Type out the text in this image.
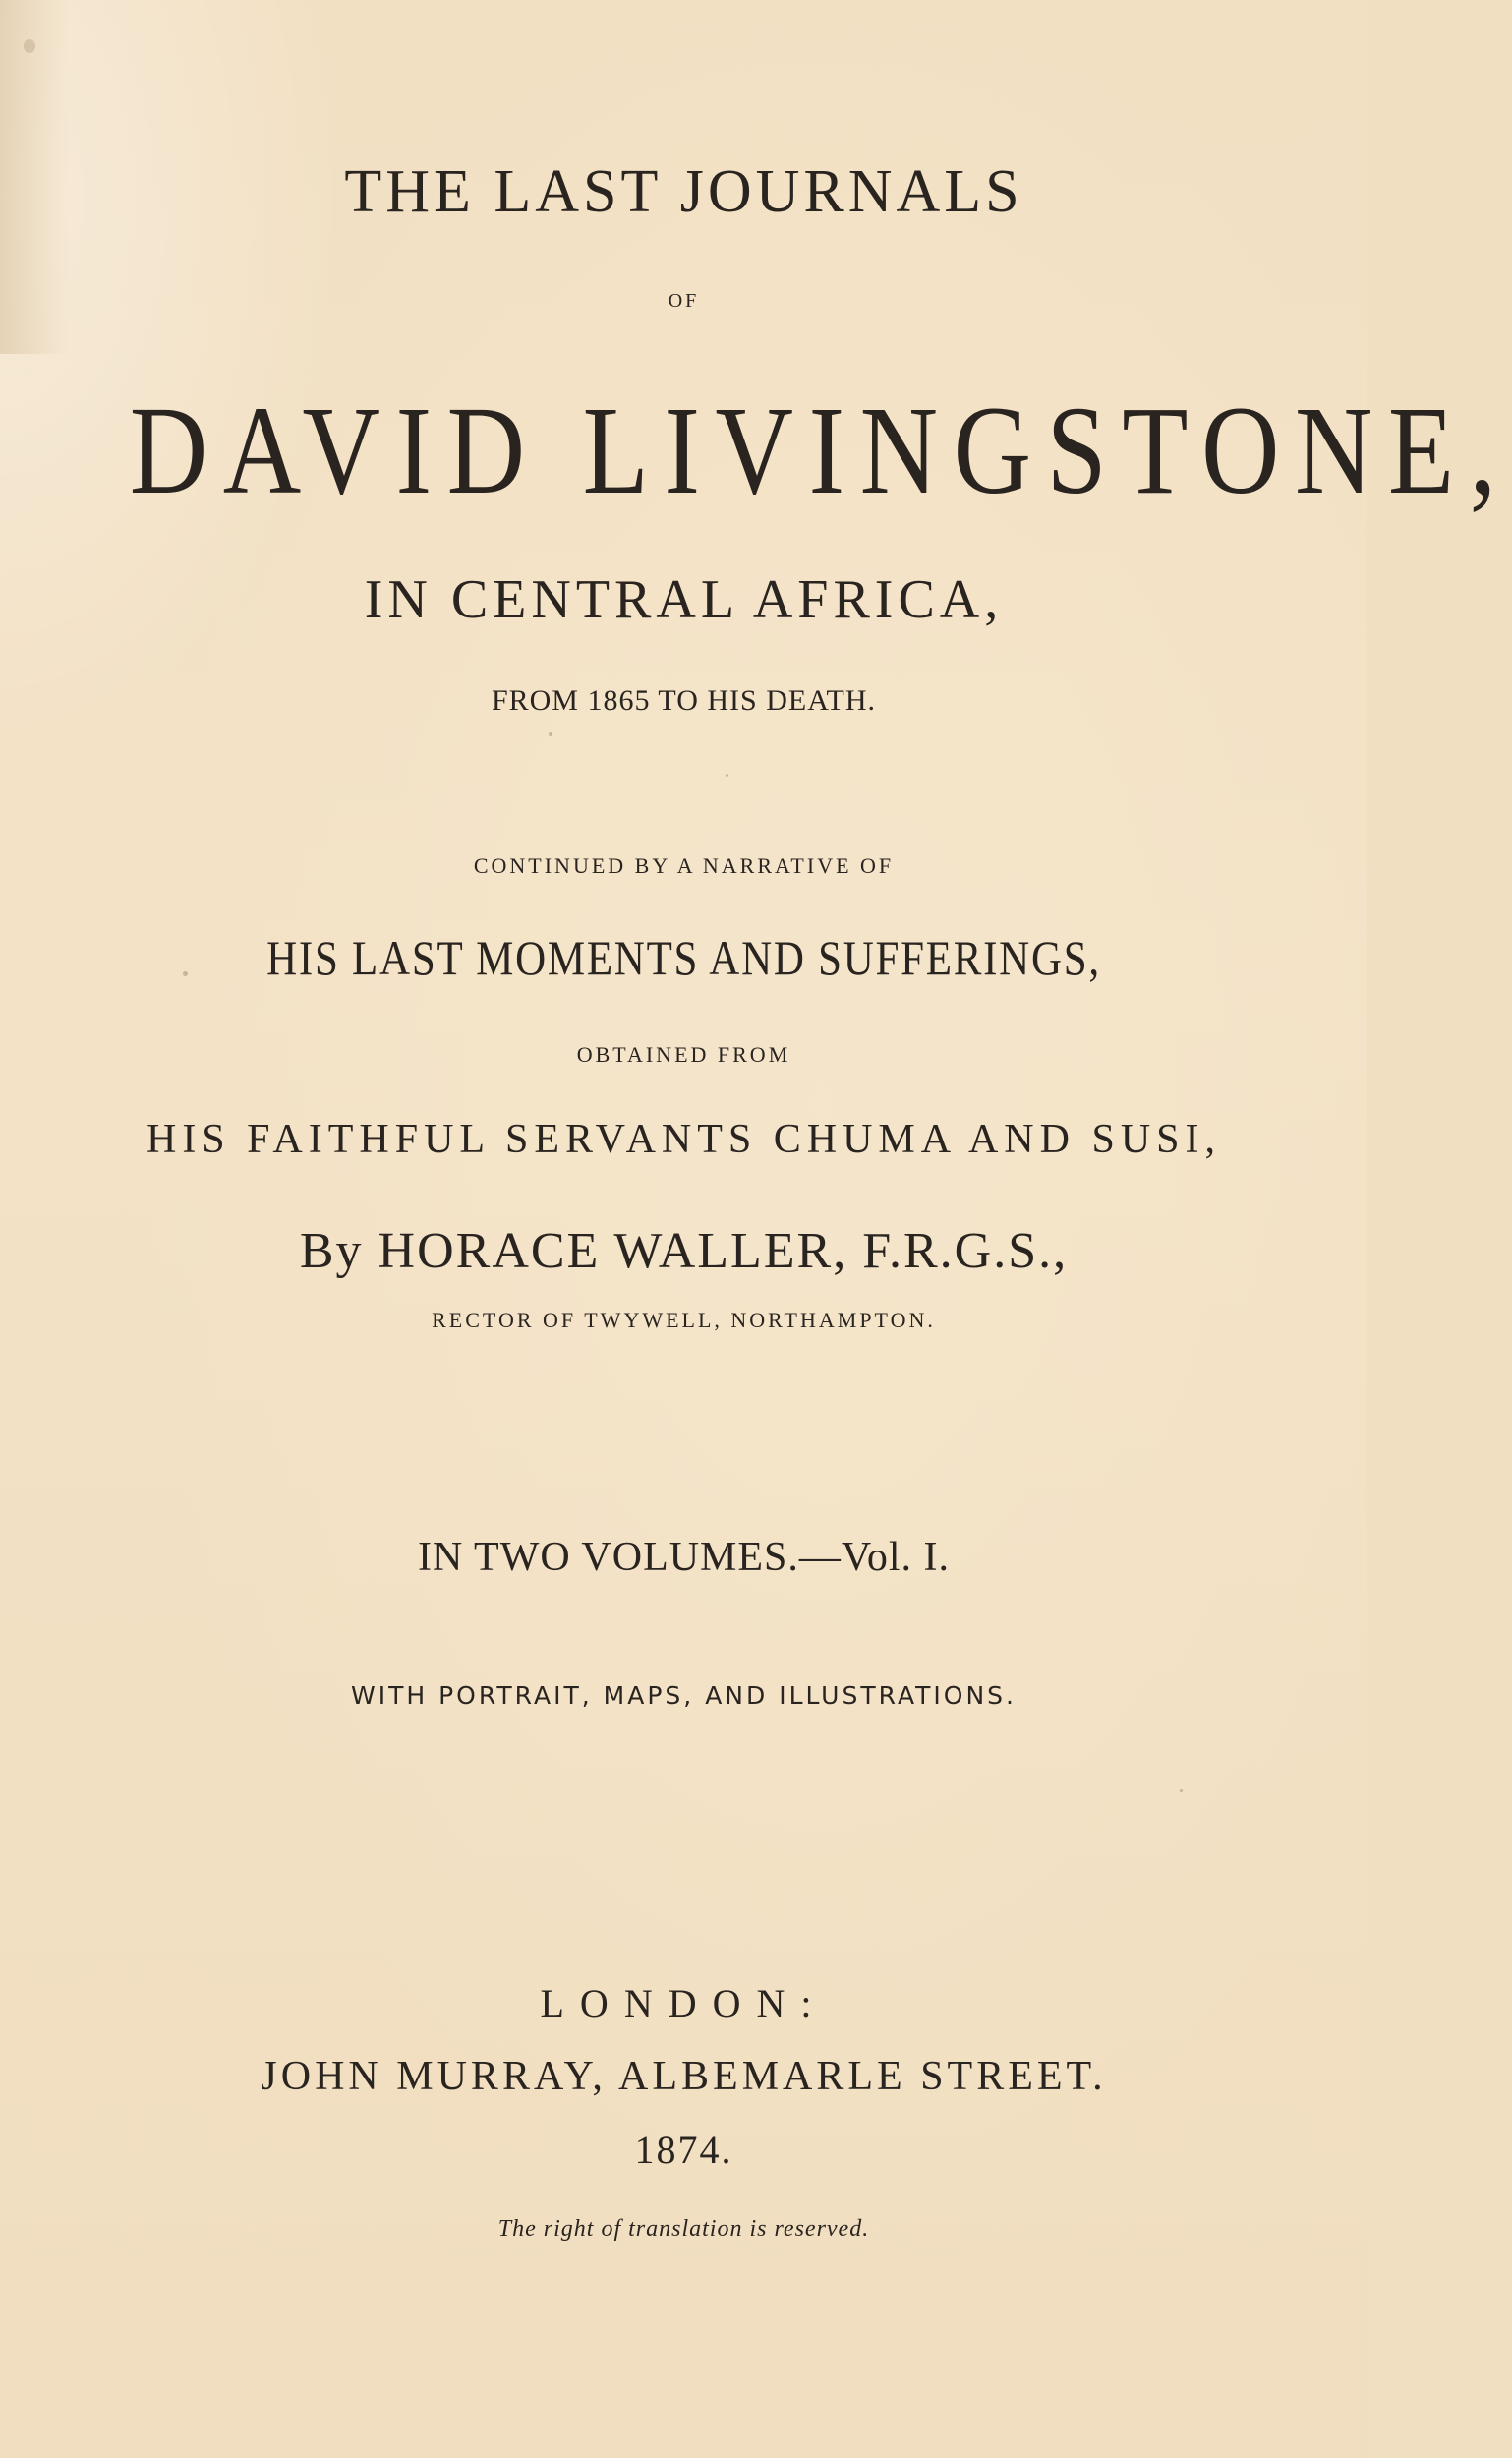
THE LAST JOURNALS
OF
DAVID LIVINGSTONE,
IN CENTRAL AFRICA,
FROM 1865 TO HIS DEATH.
CONTINUED BY A NARRATIVE OF
HIS LAST MOMENTS AND SUFFERINGS,
OBTAINED FROM
HIS FAITHFUL SERVANTS CHUMA AND SUSI,
By HORACE WALLER, F.R.G.S.,
RECTOR OF TWYWELL, NORTHAMPTON.
IN TWO VOLUMES.—Vol. I.
WITH PORTRAIT, MAPS, AND ILLUSTRATIONS.
LONDON:
JOHN MURRAY, ALBEMARLE STREET.
1874.
The right of translation is reserved.
